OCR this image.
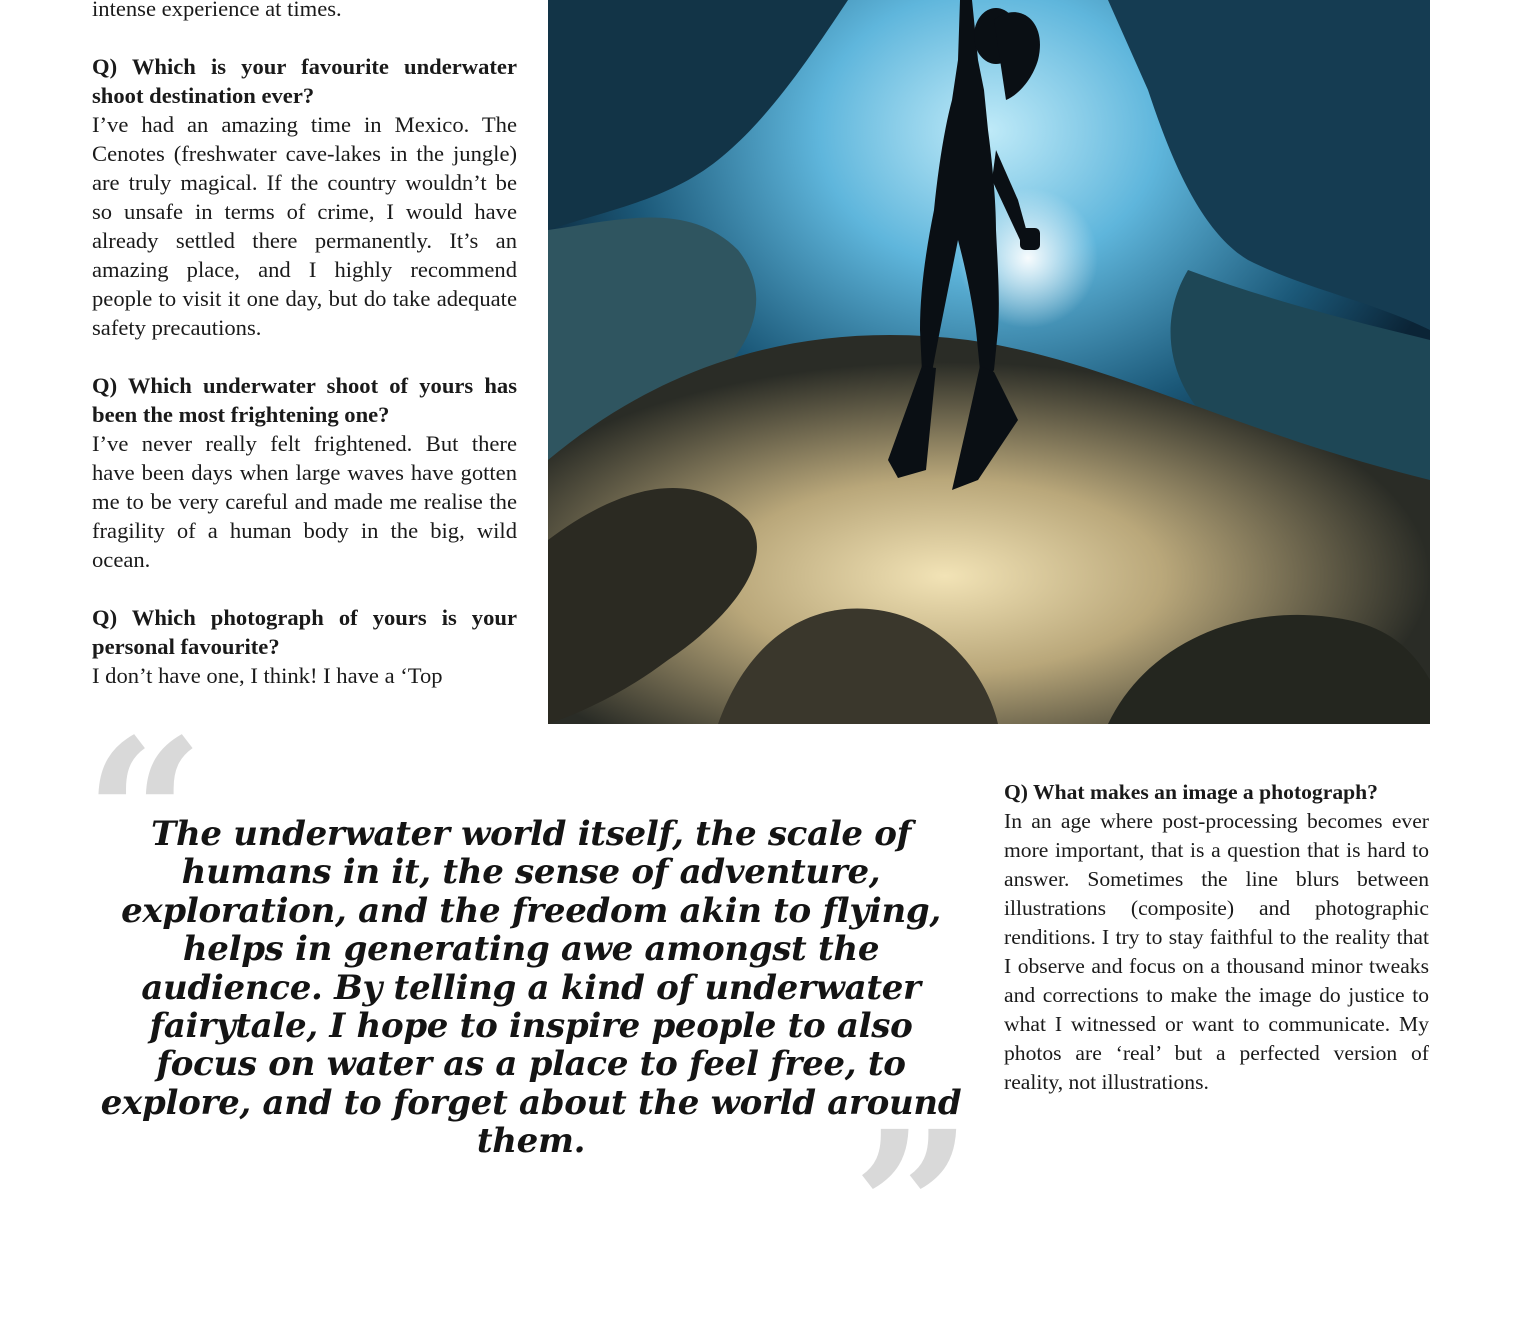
intense experience at times.

Q) Which is your favourite underwater shoot destination ever?

I’ve had an amazing time in Mexico. The Cenotes (freshwater cave-lakes in the jungle) are truly magical. If the country wouldn’t be so unsafe in terms of crime, I would have already settled there permanently. It’s an amazing place, and I highly recommend people to visit it one day, but do take adequate safety precautions.

Q) Which underwater shoot of yours has been the most frightening one?

I’ve never really felt frightened. But there have been days when large waves have gotten me to be very careful and made me realise the fragility of a human body in the big, wild ocean.

Q) Which photograph of yours is your personal favourite?

I don’t have one, I think! I have a ‘Top

“

The underwater world itself, the scale of humans in it, the sense of adventure, exploration, and the freedom akin to flying, helps in generating awe amongst the audience. By telling a kind of underwater fairytale, I hope to inspire people to also focus on water as a place to feel free, to explore, and to forget about the world around them.	”

Q) What makes an image a photograph?

In an age where post-processing becomes ever more important, that is a question that is hard to answer. Sometimes the line blurs between illustrations (composite) and photographic renditions. I try to stay faithful to the reality that I observe and focus on a thousand minor tweaks and corrections to make the image do justice to what I witnessed or want to communicate. My photos are ‘real’ but a perfected version of reality, not illustrations.
